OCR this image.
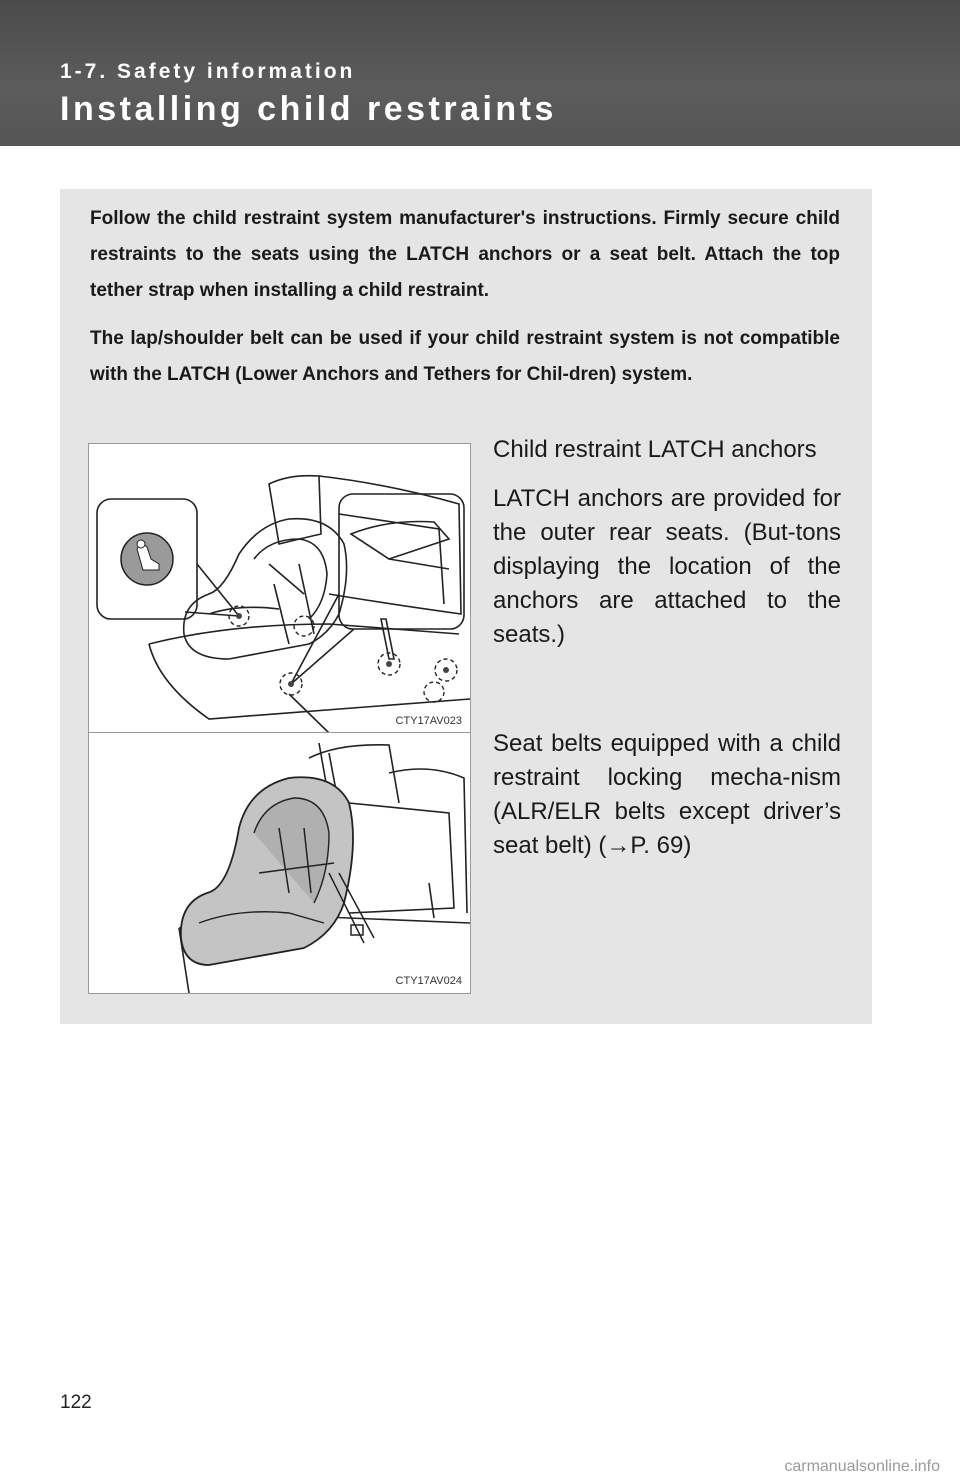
1-7. Safety information
Installing child restraints

Follow the child restraint system manufacturer's instructions. Firmly secure child restraints to the seats using the LATCH anchors or a seat belt. Attach the top tether strap when installing a child restraint.

The lap/shoulder belt can be used if your child restraint system is not compatible with the LATCH (Lower Anchors and Tethers for Chil-dren) system.

CTY17AV023
CTY17AV024

Child restraint LATCH anchors

LATCH anchors are provided for the outer rear seats. (But-tons displaying the location of the anchors are attached to the seats.)

Seat belts equipped with a child restraint locking mecha-nism (ALR/ELR belts except driver’s seat belt) (→P. 69)

122
carmanualsonline.info
